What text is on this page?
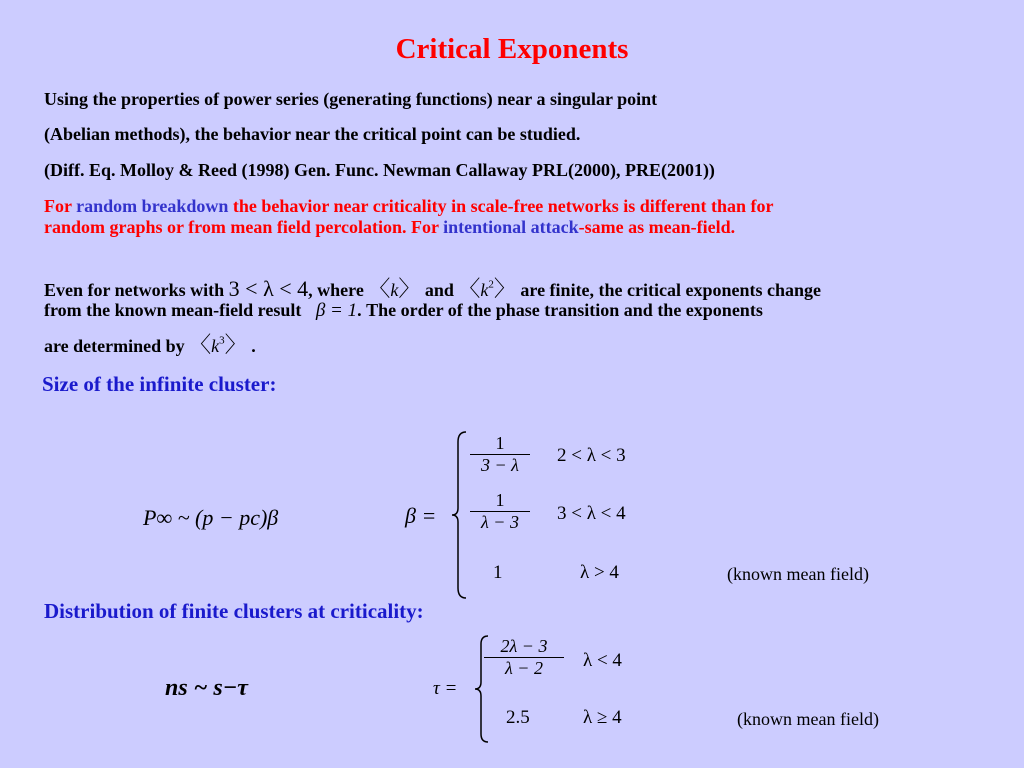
Critical Exponents
Using the properties of power series (generating functions) near a singular point
(Abelian methods), the behavior near the critical point can be studied.
(Diff. Eq. Molloy & Reed (1998) Gen. Func. Newman Callaway PRL(2000), PRE(2001))
For random breakdown the behavior near criticality in scale-free networks is different than for
random graphs or from mean field percolation. For intentional attack-same as mean-field.
Even for networks with 3 < λ < 4, where 〈k〉 and 〈$k^2$〉 are finite, the critical exponents change
from the known mean-field result β = 1. The order of the phase transition and the exponents
are determined by 〈$k^3$〉 .
Size of the infinite cluster:
P∞ ~ (p − pc)β	β =
$\frac{1}{3 - \lambda} 2 < \lambda < 3$
$\frac{1}{\lambda - 3} 3 < \lambda < 4$
1	λ > 4	(known mean field)
Distribution of finite clusters at criticality:
ns ~ s−τ	τ =
$\frac{2\lambda - 3}{\lambda - 2}$ λ < 4
2.5	λ ≥ 4	(known mean field)
